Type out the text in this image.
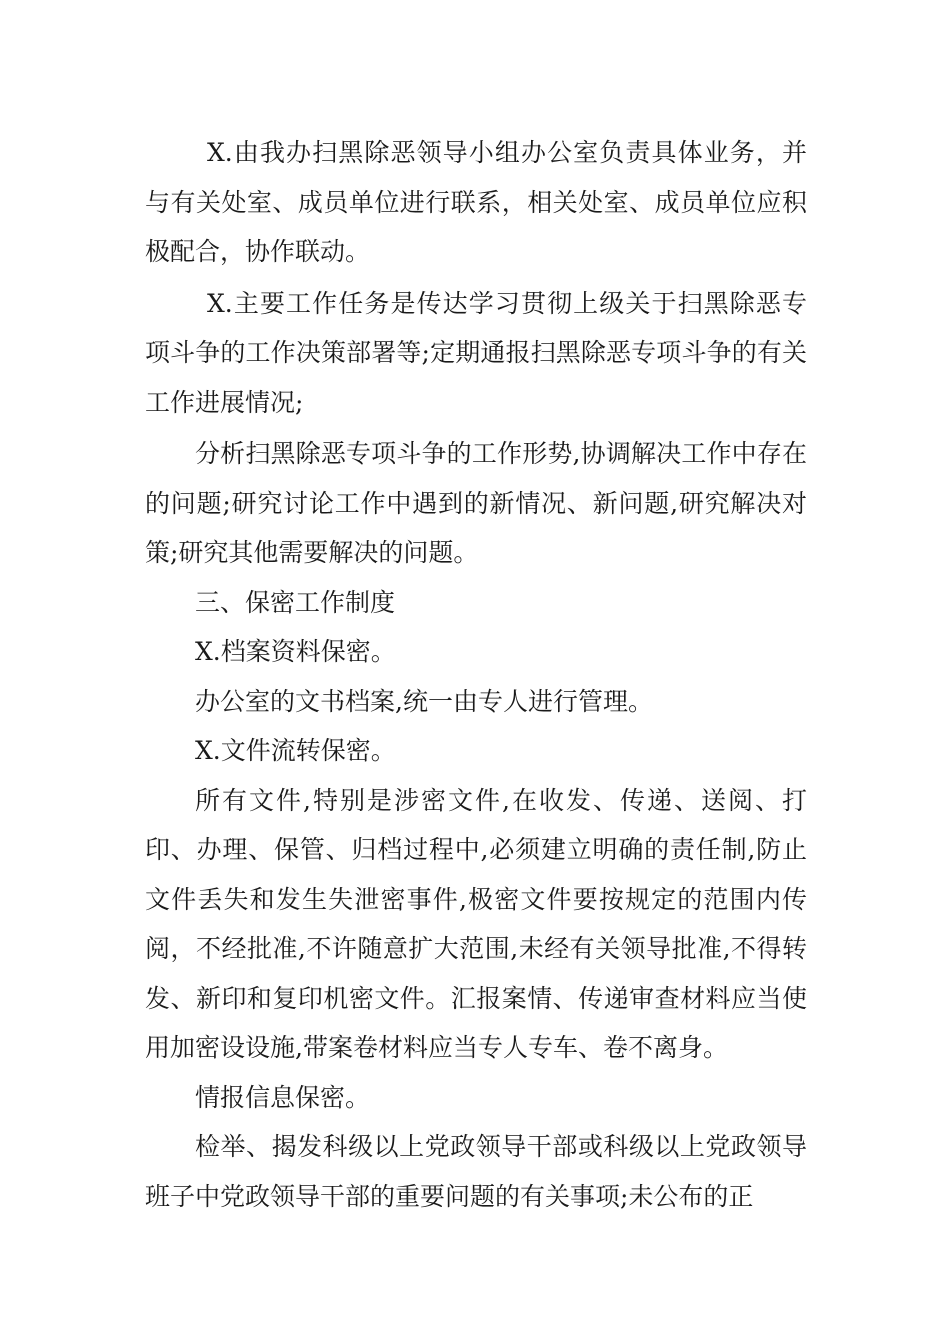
X.由我办扫黑除恶领导小组办公室负责具体业务，并与有关处室、成员单位进行联系，相关处室、成员单位应积极配合，协作联动。

X.主要工作任务是传达学习贯彻上级关于扫黑除恶专项斗争的工作决策部署等;定期通报扫黑除恶专项斗争的有关工作进展情况;

分析扫黑除恶专项斗争的工作形势,协调解决工作中存在的问题;研究讨论工作中遇到的新情况、新问题,研究解决对策;研究其他需要解决的问题。

三、保密工作制度

X.档案资料保密。

办公室的文书档案,统一由专人进行管理。

X.文件流转保密。

所有文件,特别是涉密文件,在收发、传递、送阅、打印、办理、保管、归档过程中,必须建立明确的责任制,防止文件丢失和发生失泄密事件,极密文件要按规定的范围内传阅，不经批准,不许随意扩大范围,未经有关领导批准,不得转发、新印和复印机密文件。汇报案情、传递审查材料应当使用加密设设施,带案卷材料应当专人专车、卷不离身。

情报信息保密。

检举、揭发科级以上党政领导干部或科级以上党政领导班子中党政领导干部的重要问题的有关事项;未公布的正
